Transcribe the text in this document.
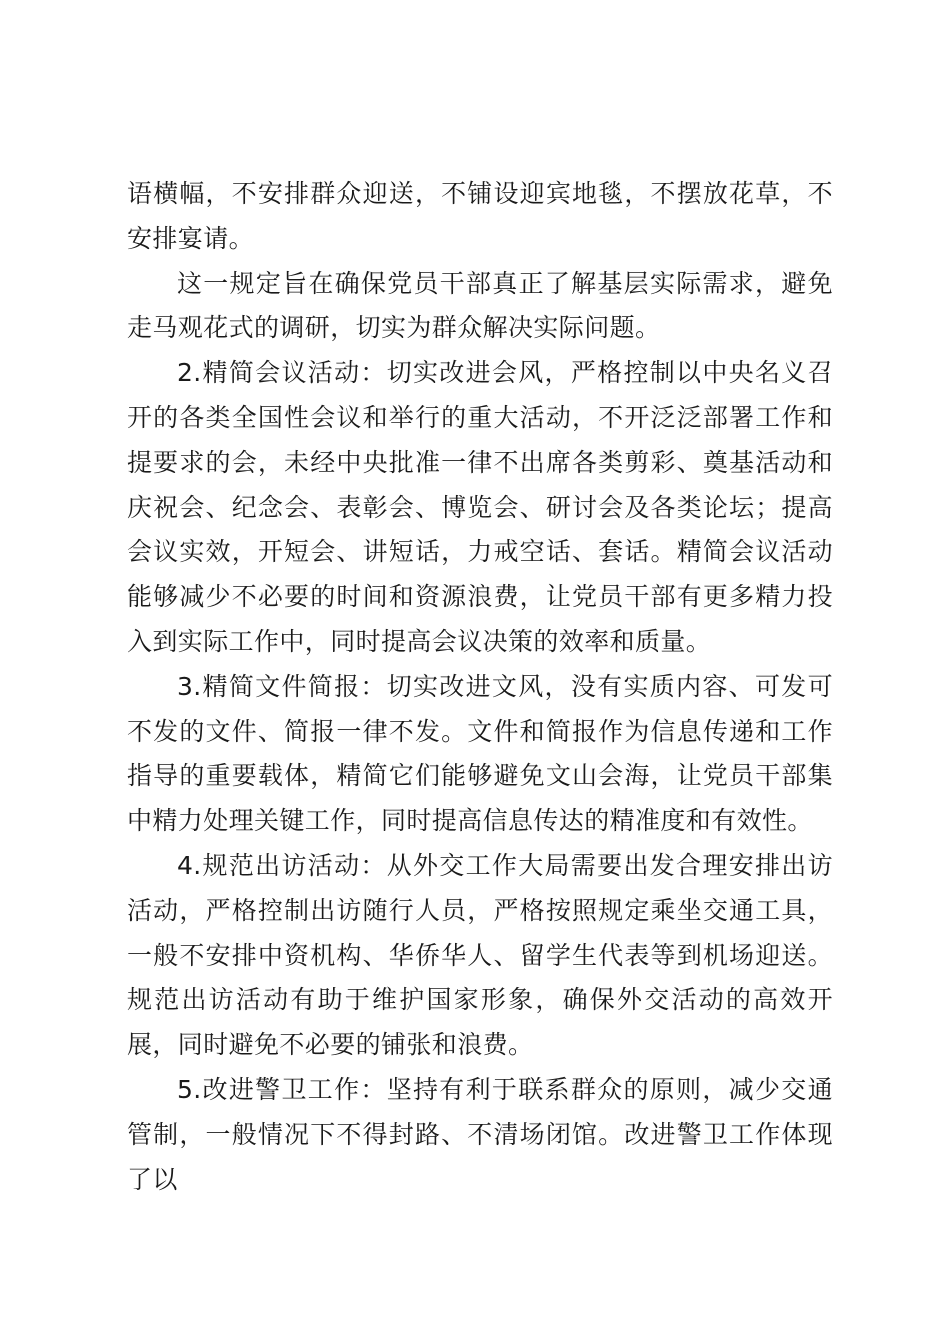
语横幅，不安排群众迎送，不铺设迎宾地毯，不摆放花草，不安排宴请。

这一规定旨在确保党员干部真正了解基层实际需求，避免走马观花式的调研，切实为群众解决实际问题。

2.精简会议活动：切实改进会风，严格控制以中央名义召开的各类全国性会议和举行的重大活动，不开泛泛部署工作和提要求的会，未经中央批准一律不出席各类剪彩、奠基活动和庆祝会、纪念会、表彰会、博览会、研讨会及各类论坛；提高会议实效，开短会、讲短话，力戒空话、套话。精简会议活动能够减少不必要的时间和资源浪费，让党员干部有更多精力投入到实际工作中，同时提高会议决策的效率和质量。

3.精简文件简报：切实改进文风，没有实质内容、可发可不发的文件、简报一律不发。文件和简报作为信息传递和工作指导的重要载体，精简它们能够避免文山会海，让党员干部集中精力处理关键工作，同时提高信息传达的精准度和有效性。

4.规范出访活动：从外交工作大局需要出发合理安排出访活动，严格控制出访随行人员，严格按照规定乘坐交通工具，一般不安排中资机构、华侨华人、留学生代表等到机场迎送。规范出访活动有助于维护国家形象，确保外交活动的高效开展，同时避免不必要的铺张和浪费。

5.改进警卫工作：坚持有利于联系群众的原则，减少交通管制，一般情况下不得封路、不清场闭馆。改进警卫工作体现了以
